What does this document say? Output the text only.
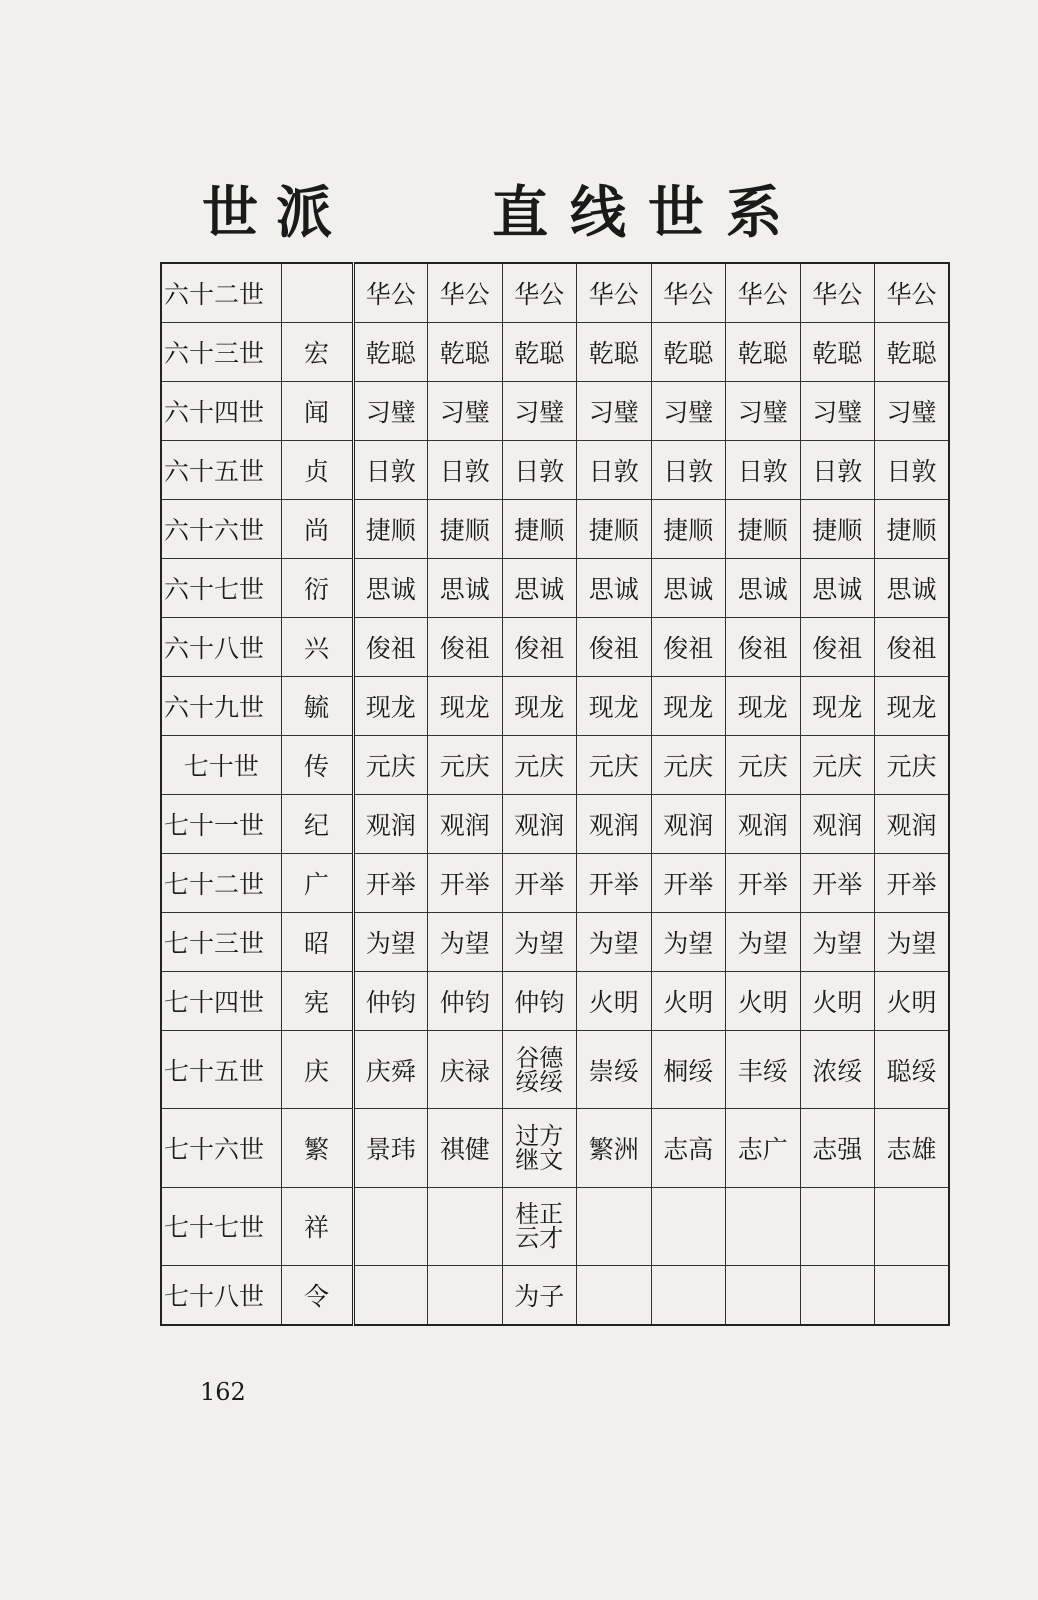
世派	直线世系
六十二世		华公	华公	华公	华公	华公	华公	华公	华公
六十三世	宏	乾聪	乾聪	乾聪	乾聪	乾聪	乾聪	乾聪	乾聪
六十四世	闻	习璧	习璧	习璧	习璧	习璧	习璧	习璧	习璧
六十五世	贞	日敦	日敦	日敦	日敦	日敦	日敦	日敦	日敦
六十六世	尚	捷顺	捷顺	捷顺	捷顺	捷顺	捷顺	捷顺	捷顺
六十七世	衍	思诚	思诚	思诚	思诚	思诚	思诚	思诚	思诚
六十八世	兴	俊祖	俊祖	俊祖	俊祖	俊祖	俊祖	俊祖	俊祖
六十九世	毓	现龙	现龙	现龙	现龙	现龙	现龙	现龙	现龙
七十世	传	元庆	元庆	元庆	元庆	元庆	元庆	元庆	元庆
七十一世	纪	观润	观润	观润	观润	观润	观润	观润	观润
七十二世	广	开举	开举	开举	开举	开举	开举	开举	开举
七十三世	昭	为望	为望	为望	为望	为望	为望	为望	为望
七十四世	宪	仲钧	仲钧	仲钧	火明	火明	火明	火明	火明
七十五世	庆	庆舜	庆禄	谷德绥绥	崇绥	桐绥	丰绥	浓绥	聪绥
七十六世	繁	景玮	祺健	过方继文	繁洲	志高	志广	志强	志雄
七十七世	祥			桂正云才					
七十八世	令			为子					
162
